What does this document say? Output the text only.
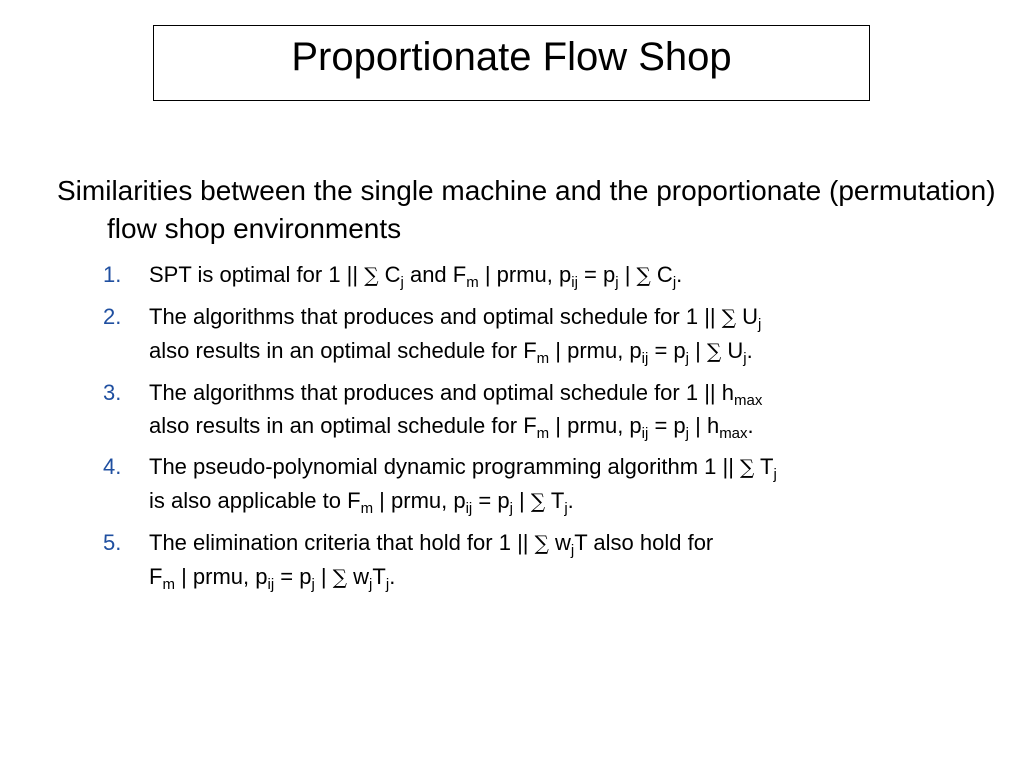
Proportionate Flow Shop
Similarities between the single machine and the proportionate (permutation) flow shop environments
1. SPT is optimal for 1 || ∑ $C_j$ and $F_m$ | prmu, $p_{ij} = p_j$ | ∑ $C_j$.
2. The algorithms that produces and optimal schedule for 1 || ∑ $U_j$
also results in an optimal schedule for $F_m$ | prmu, $p_{ij} = p_j$ | ∑ $U_j$.
3. The algorithms that produces and optimal schedule for 1 || $h_{max}$
also results in an optimal schedule for $F_m$ | prmu, $p_{ij} = p_j$ | $h_{max}$.
4. The pseudo-polynomial dynamic programming algorithm 1 || ∑ $T_j$
is also applicable to $F_m$ | prmu, $p_{ij} = p_j$ | ∑ $T_j$.
5. The elimination criteria that hold for 1 || ∑ $w_jT$ also hold for
$F_m$ | prmu, $p_{ij} = p_j$ | ∑ $w_jT_j$.
